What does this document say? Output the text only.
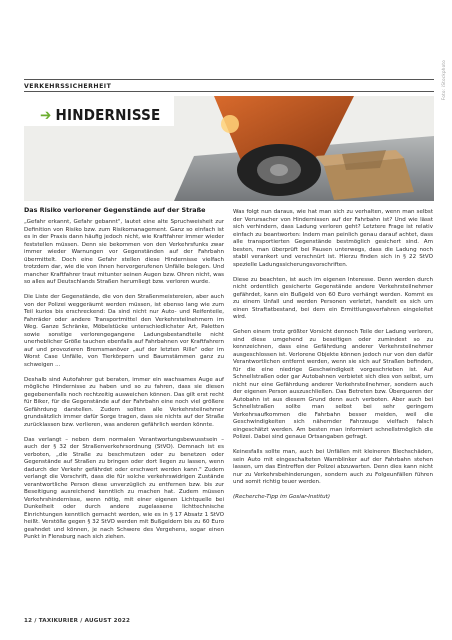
Foto: iStockphoto
VERKEHRSSICHERHEIT
➔ HINDERNISSE
Das Risiko verlorener Gegenstände auf der Straße

„Gefahr erkannt, Gefahr gebannt", lautet eine alte Spruchweisheit zur Definition von Risiko bzw. zum Risikomanagement. Ganz so einfach ist es in der Praxis dann häufig jedoch nicht, wie Kraftfahrer immer wieder feststellen müssen. Denn sie bekommen von den Verkehrsfunks zwar immer wieder Warnungen vor Gegenständen auf der Fahrbahn übermittelt. Doch eine Gefahr stellen diese Hindernisse vielfach trotzdem dar, wie die von ihnen hervorgerufenen Unfälle belegen. Und mancher Kraftfahrer traut mitunter seinen Augen bzw. Ohren nicht, was so alles auf Deutschlands Straßen herumliegt bzw. verloren wurde.

Die Liste der Gegenstände, die von den Straßenmeistereien, aber auch von der Polizei weggeräumt werden müssen, ist ebenso lang wie zum Teil kurios bis erschreckend: Da sind nicht nur Auto- und Reifenteile, Fahrräder oder andere Transportmittel den Verkehrsteilnehmern im Weg. Ganze Schränke, Möbelstücke unterschiedlichster Art, Paletten sowie sonstige verlorengegangene Ladungsbestandteile nicht unerheblicher Größe tauchen ebenfalls auf Fahrbahnen vor Kraftfahrern auf und provozieren Bremsmanöver „auf der letzten Rille" oder im Worst Case Unfälle, von Tierkörpern und Baumstämmen ganz zu schweigen ...

Deshalb sind Autofahrer gut beraten, immer ein wachsames Auge auf mögliche Hindernisse zu haben und so zu fahren, dass sie diesen gegebenenfalls noch rechtzeitig ausweichen können. Das gilt erst recht für Biker, für die Gegenstände auf der Fahrbahn eine noch viel größere Gefährdung darstellen. Zudem sollten alle Verkehrsteilnehmer grundsätzlich immer dafür Sorge tragen, dass sie nichts auf der Straße zurücklassen bzw. verlieren, was anderen gefährlich werden könnte.

Das verlangt – neben dem normalen Verantwortungsbewusstsein – auch der § 32 der Straßenverkehrsordnung (StVO). Demnach ist es verboten, „die Straße zu beschmutzen oder zu benetzen oder Gegenstände auf Straßen zu bringen oder dort liegen zu lassen, wenn dadurch der Verkehr gefährdet oder erschwert werden kann." Zudem verlangt die Vorschrift, dass die für solche verkehrswidrigen Zustände verantwortliche Person diese unverzüglich zu entfernen bzw. bis zur Beseitigung ausreichend kenntlich zu machen hat. Zudem müssen Verkehrshindernisse, wenn nötig, mit einer eigenen Lichtquelle bei Dunkelheit oder durch andere zugelassene lichttechnische Einrichtungen kenntlich gemacht werden, wie es in § 17 Absatz 1 StVO heißt. Verstöße gegen § 32 StVO werden mit Bußgeldern bis zu 60 Euro geahndet und können, je nach Schwere des Vergehens, sogar einen Punkt in Flensburg nach sich ziehen.

Was folgt nun daraus, wie hat man sich zu verhalten, wenn man selbst der Verursacher von Hindernissen auf der Fahrbahn ist? Und wie lässt sich verhindern, dass Ladung verloren geht? Letztere Frage ist relativ einfach zu beantworten: Indem man peinlich genau darauf achtet, dass alle transportierten Gegenstände bestmöglich gesichert sind. Am besten, man überprüft bei Pausen unterwegs, dass die Ladung noch stabil verankert und verschnürt ist. Hierzu finden sich in § 22 StVO spezielle Ladungssicherungsvorschriften.

Diese zu beachten, ist auch im eigenen Interesse. Denn werden durch nicht ordentlich gesicherte Gegenstände andere Verkehrsteilnehmer gefährdet, kann ein Bußgeld von 60 Euro verhängt werden. Kommt es zu einem Unfall und werden Personen verletzt, handelt es sich um einen Straftatbestand, bei dem ein Ermittlungsverfahren eingeleitet wird.

Gehen einem trotz größter Vorsicht dennoch Teile der Ladung verloren, sind diese umgehend zu beseitigen oder zumindest so zu kennzeichnen, dass eine Gefährdung anderer Verkehrsteilnehmer ausgeschlossen ist. Verlorene Objekte können jedoch nur von den dafür Verantwortlichen entfernt werden, wenn sie sich auf Straßen befinden, für die eine niedrige Geschwindigkeit vorgeschrieben ist. Auf Schnellstraßen oder gar Autobahnen verbietet sich dies von selbst, um nicht nur eine Gefährdung anderer Verkehrsteilnehmer, sondern auch der eigenen Person auszuschließen. Das Betreten bzw. Überqueren der Autobahn ist aus diesem Grund denn auch verboten. Aber auch bei Schnellstraßen sollte man selbst bei sehr geringem Verkehrsaufkommen die Fahrbahn besser meiden, weil die Geschwindigkeiten sich nähernder Fahrzeuge vielfach falsch eingeschätzt werden. Am besten man informiert schnellstmöglich die Polizei. Dabei sind genaue Ortsangaben gefragt.

Keinesfalls sollte man, auch bei Unfällen mit kleineren Blechschäden, sein Auto mit eingeschalteten Warnblinker auf der Fahrbahn stehen lassen, um das Eintreffen der Polizei abzuwarten. Denn dies kann nicht nur zu Verkehrsbehinderungen, sondern auch zu Folgeunfällen führen und somit richtig teuer werden.

(Recherche-Tipp im Goslar-Institut)

12 / TAXIKURIER / AUGUST 2022
